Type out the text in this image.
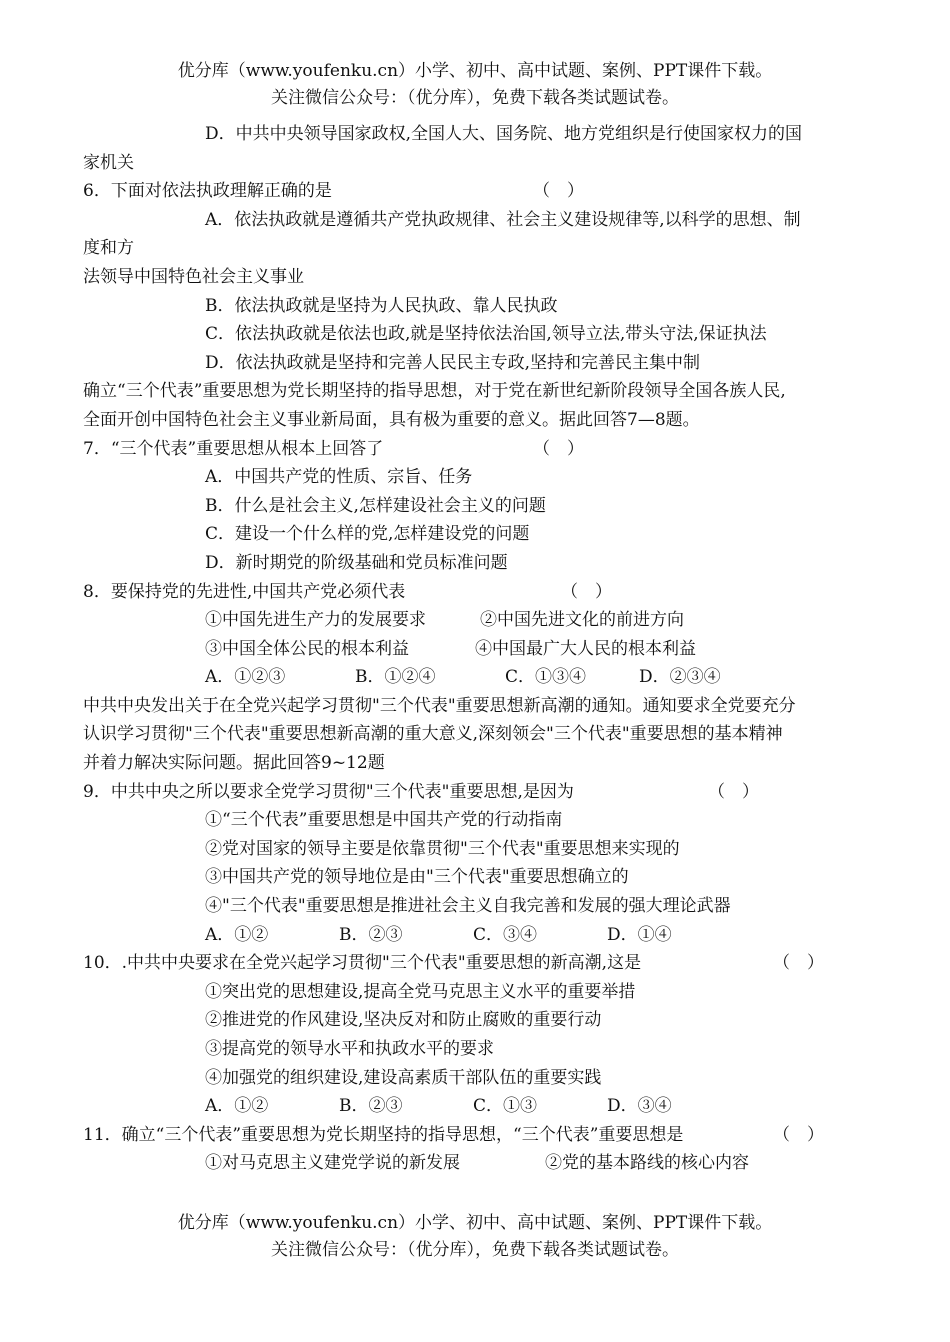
优分库（www.youfenku.cn）小学、初中、高中试题、案例、PPT课件下载。
关注微信公众号：（优分库），免费下载各类试题试卷。
D．中共中央领导国家政权,全国人大、国务院、地方党组织是行使国家权力的国
家机关
6．下面对依法执政理解正确的是	（　）
A．依法执政就是遵循共产党执政规律、社会主义建设规律等,以科学的思想、制
度和方
法领导中国特色社会主义事业
B．依法执政就是坚持为人民执政、靠人民执政
C．依法执政就是依法也政,就是坚持依法治国,领导立法,带头守法,保证执法
D．依法执政就是坚持和完善人民民主专政,坚持和完善民主集中制
确立“三个代表”重要思想为党长期坚持的指导思想，对于党在新世纪新阶段领导全国各族人民,
全面开创中国特色社会主义事业新局面，具有极为重要的意义。据此回答7—8题。
7．“三个代表”重要思想从根本上回答了	（　）
A．中国共产党的性质、宗旨、任务
B．什么是社会主义,怎样建设社会主义的问题
C．建设一个什么样的党,怎样建设党的问题
D．新时期党的阶级基础和党员标准问题
8．要保持党的先进性,中国共产党必须代表	（　）
①中国先进生产力的发展要求	②中国先进文化的前进方向
③中国全体公民的根本利益	④中国最广大人民的根本利益
A．①②③	B．①②④	C．①③④	D．②③④
中共中央发出关于在全党兴起学习贯彻"三个代表"重要思想新高潮的通知。通知要求全党要充分
认识学习贯彻"三个代表"重要思想新高潮的重大意义,深刻领会"三个代表"重要思想的基本精神
并着力解决实际问题。据此回答9~12题
9．中共中央之所以要求全党学习贯彻"三个代表"重要思想,是因为	（　）
①“三个代表”重要思想是中国共产党的行动指南
②党对国家的领导主要是依靠贯彻"三个代表"重要思想来实现的
③中国共产党的领导地位是由"三个代表"重要思想确立的
④"三个代表"重要思想是推进社会主义自我完善和发展的强大理论武器
A．①②	B．②③	C．③④	D．①④
10．.中共中央要求在全党兴起学习贯彻"三个代表"重要思想的新高潮,这是	（　）
①突出党的思想建设,提高全党马克思主义水平的重要举措
②推进党的作风建设,坚决反对和防止腐败的重要行动
③提高党的领导水平和执政水平的要求
④加强党的组织建设,建设高素质干部队伍的重要实践
A．①②	B．②③	C．①③	D．③④
11．确立“三个代表”重要思想为党长期坚持的指导思想，“三个代表”重要思想是	（　）
①对马克思主义建党学说的新发展	②党的基本路线的核心内容
优分库（www.youfenku.cn）小学、初中、高中试题、案例、PPT课件下载。
关注微信公众号：（优分库），免费下载各类试题试卷。
